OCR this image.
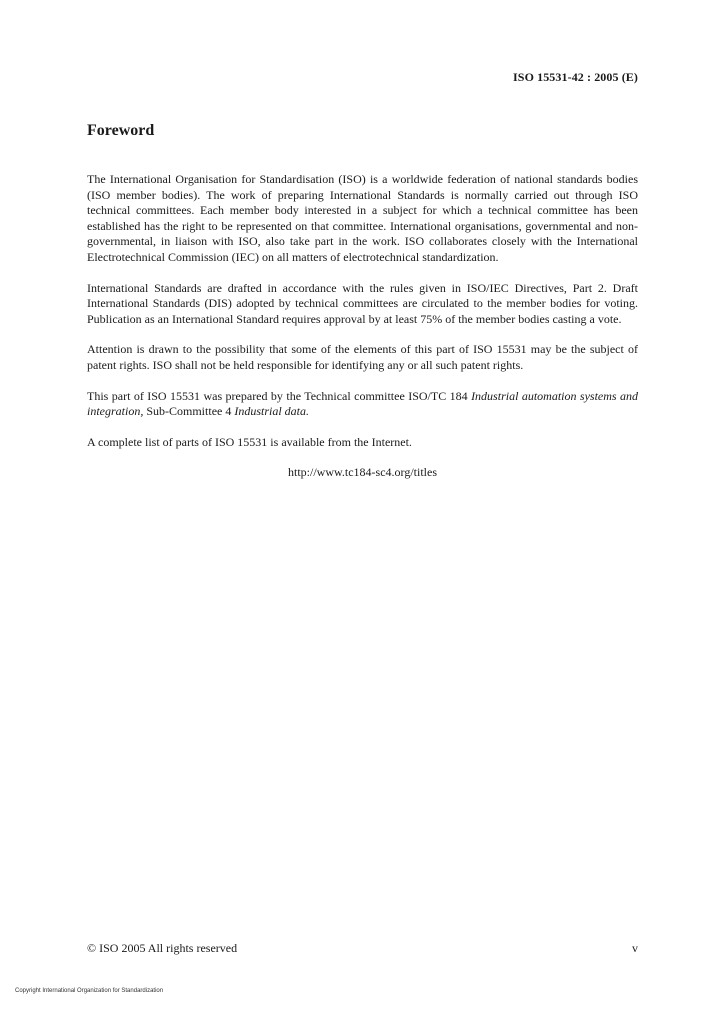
ISO 15531-42 : 2005 (E)
Foreword

The International Organisation for Standardisation (ISO) is a worldwide federation of national standards bodies (ISO member bodies). The work of preparing International Standards is normally carried out through ISO technical committees. Each member body interested in a subject for which a technical committee has been established has the right to be represented on that committee. International organisations, governmental and non-governmental, in liaison with ISO, also take part in the work. ISO collaborates closely with the International Electrotechnical Commission (IEC) on all matters of electrotechnical standardization.

International Standards are drafted in accordance with the rules given in ISO/IEC Directives, Part 2. Draft International Standards (DIS) adopted by technical committees are circulated to the member bodies for voting. Publication as an International Standard requires approval by at least 75% of the member bodies casting a vote.

Attention is drawn to the possibility that some of the elements of this part of ISO 15531 may be the subject of patent rights. ISO shall not be held responsible for identifying any or all such patent rights.

This part of ISO 15531 was prepared by the Technical committee ISO/TC 184 Industrial automation systems and integration, Sub-Committee 4 Industrial data.

A complete list of parts of ISO 15531 is available from the Internet.

http://www.tc184-sc4.org/titles

© ISO 2005 All rights reserved	v
Copyright International Organization for Standardization
